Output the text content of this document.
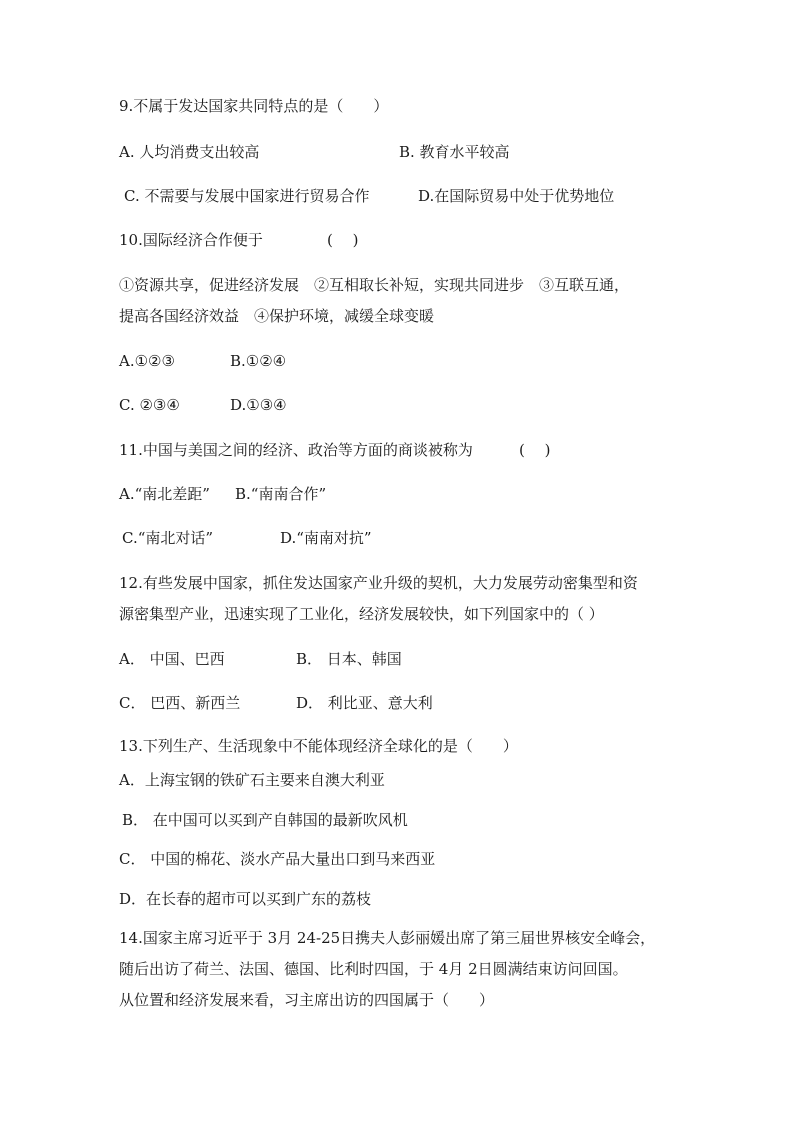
9.不属于发达国家共同特点的是（　　）
A. 人均消费支出较高	B. 教育水平较高
C. 不需要与发展中国家进行贸易合作	D.在国际贸易中处于优势地位
10.国际经济合作便于	(　 )
①资源共享，促进经济发展　②互相取长补短，实现共同进步　③互联互通，
提高各国经济效益　④保护环境，减缓全球变暖
A.①②③	B.①②④
C. ②③④	D.①③④
11.中国与美国之间的经济、政治等方面的商谈被称为	(　 )
A.“南北差距” B.“南南合作”
C.“南北对话”	D.“南南对抗”
12.有些发展中国家，抓住发达国家产业升级的契机，大力发展劳动密集型和资
源密集型产业，迅速实现了工业化，经济发展较快，如下列国家中的（ ）
A． 中国、巴西	B． 日本、韩国
C． 巴西、新西兰	D． 利比亚、意大利
13.下列生产、生活现象中不能体现经济全球化的是（　　）
A．上海宝钢的铁矿石主要来自澳大利亚
B． 在中国可以买到产自韩国的最新吹风机
C． 中国的棉花、淡水产品大量出口到马来西亚
D．在长春的超市可以买到广东的荔枝
14.国家主席习近平于 3月 24-25日携夫人彭丽媛出席了第三届世界核安全峰会，
随后出访了荷兰、法国、德国、比利时四国，于 4月 2日圆满结束访问回国。
从位置和经济发展来看，习主席出访的四国属于（　　）
